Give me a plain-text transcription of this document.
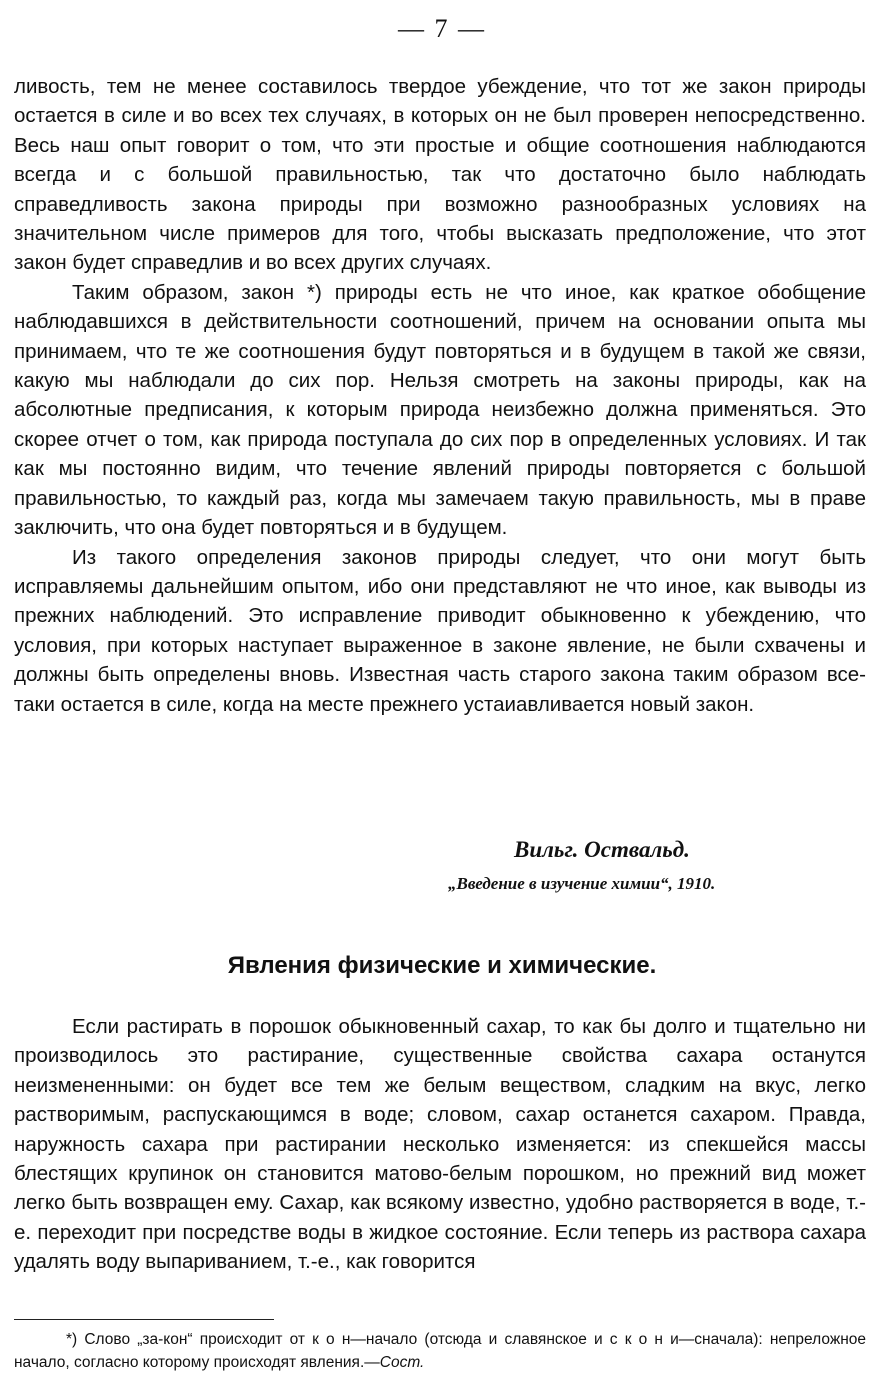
— 7 —

ливость, тем не менее составилось твердое убеждение, что тот же закон природы остается в силе и во всех тех случаях, в которых он не был проверен непосредственно. Весь наш опыт говорит о том, что эти простые и общие соотношения наблюдаются всегда и с большой правильностью, так что достаточно было наблюдать справедливость закона природы при возможно разнообразных условиях на значительном числе примеров для того, чтобы высказать предположение, что этот закон будет справедлив и во всех других случаях.

Таким образом, закон *) природы есть не что иное, как краткое обобщение наблюдавшихся в действительности соотношений, причем на основании опыта мы принимаем, что те же соотношения будут повторяться и в будущем в такой же связи, какую мы наблюдали до сих пор. Нельзя смотреть на законы природы, как на абсолютные предписания, к которым природа неизбежно должна применяться. Это скорее отчет о том, как природа поступала до сих пор в определенных условиях. И так как мы постоянно видим, что течение явлений природы повторяется с большой правильностью, то каждый раз, когда мы замечаем такую правильность, мы в праве заключить, что она будет повторяться и в будущем.

Из такого определения законов природы следует, что они могут быть исправляемы дальнейшим опытом, ибо они представляют не что иное, как выводы из прежних наблюдений. Это исправление приводит обыкновенно к убеждению, что условия, при которых наступает выраженное в законе явление, не были схвачены и должны быть определены вновь. Известная часть старого закона таким образом все-таки остается в силе, когда на месте прежнего устаиавливается новый закон.

Вильг. Оствальд.
„Введение в изучение химии“, 1910.
Явления физические и химические.

Если растирать в порошок обыкновенный сахар, то как бы долго и тщательно ни производилось это растирание, существенные свойства сахара останутся неизмененными: он будет все тем же белым веществом, сладким на вкус, легко растворимым, распускающимся в воде; словом, сахар останется сахаром. Правда, наружность сахара при растирании несколько изменяется: из спекшейся массы блестящих крупинок он становится матово-белым порошком, но прежний вид может легко быть возвращен ему. Сахар, как всякому известно, удобно растворяется в воде, т.-е. переходит при посредстве воды в жидкое состояние. Если теперь из раствора сахара удалять воду выпариванием, т.-е., как говорится

*) Слово „за-кон“ происходит от к о н—начало (отсюда и славянское и с к о н и—сначала): непреложное начало, согласно которому происходят явления.—Сост.
